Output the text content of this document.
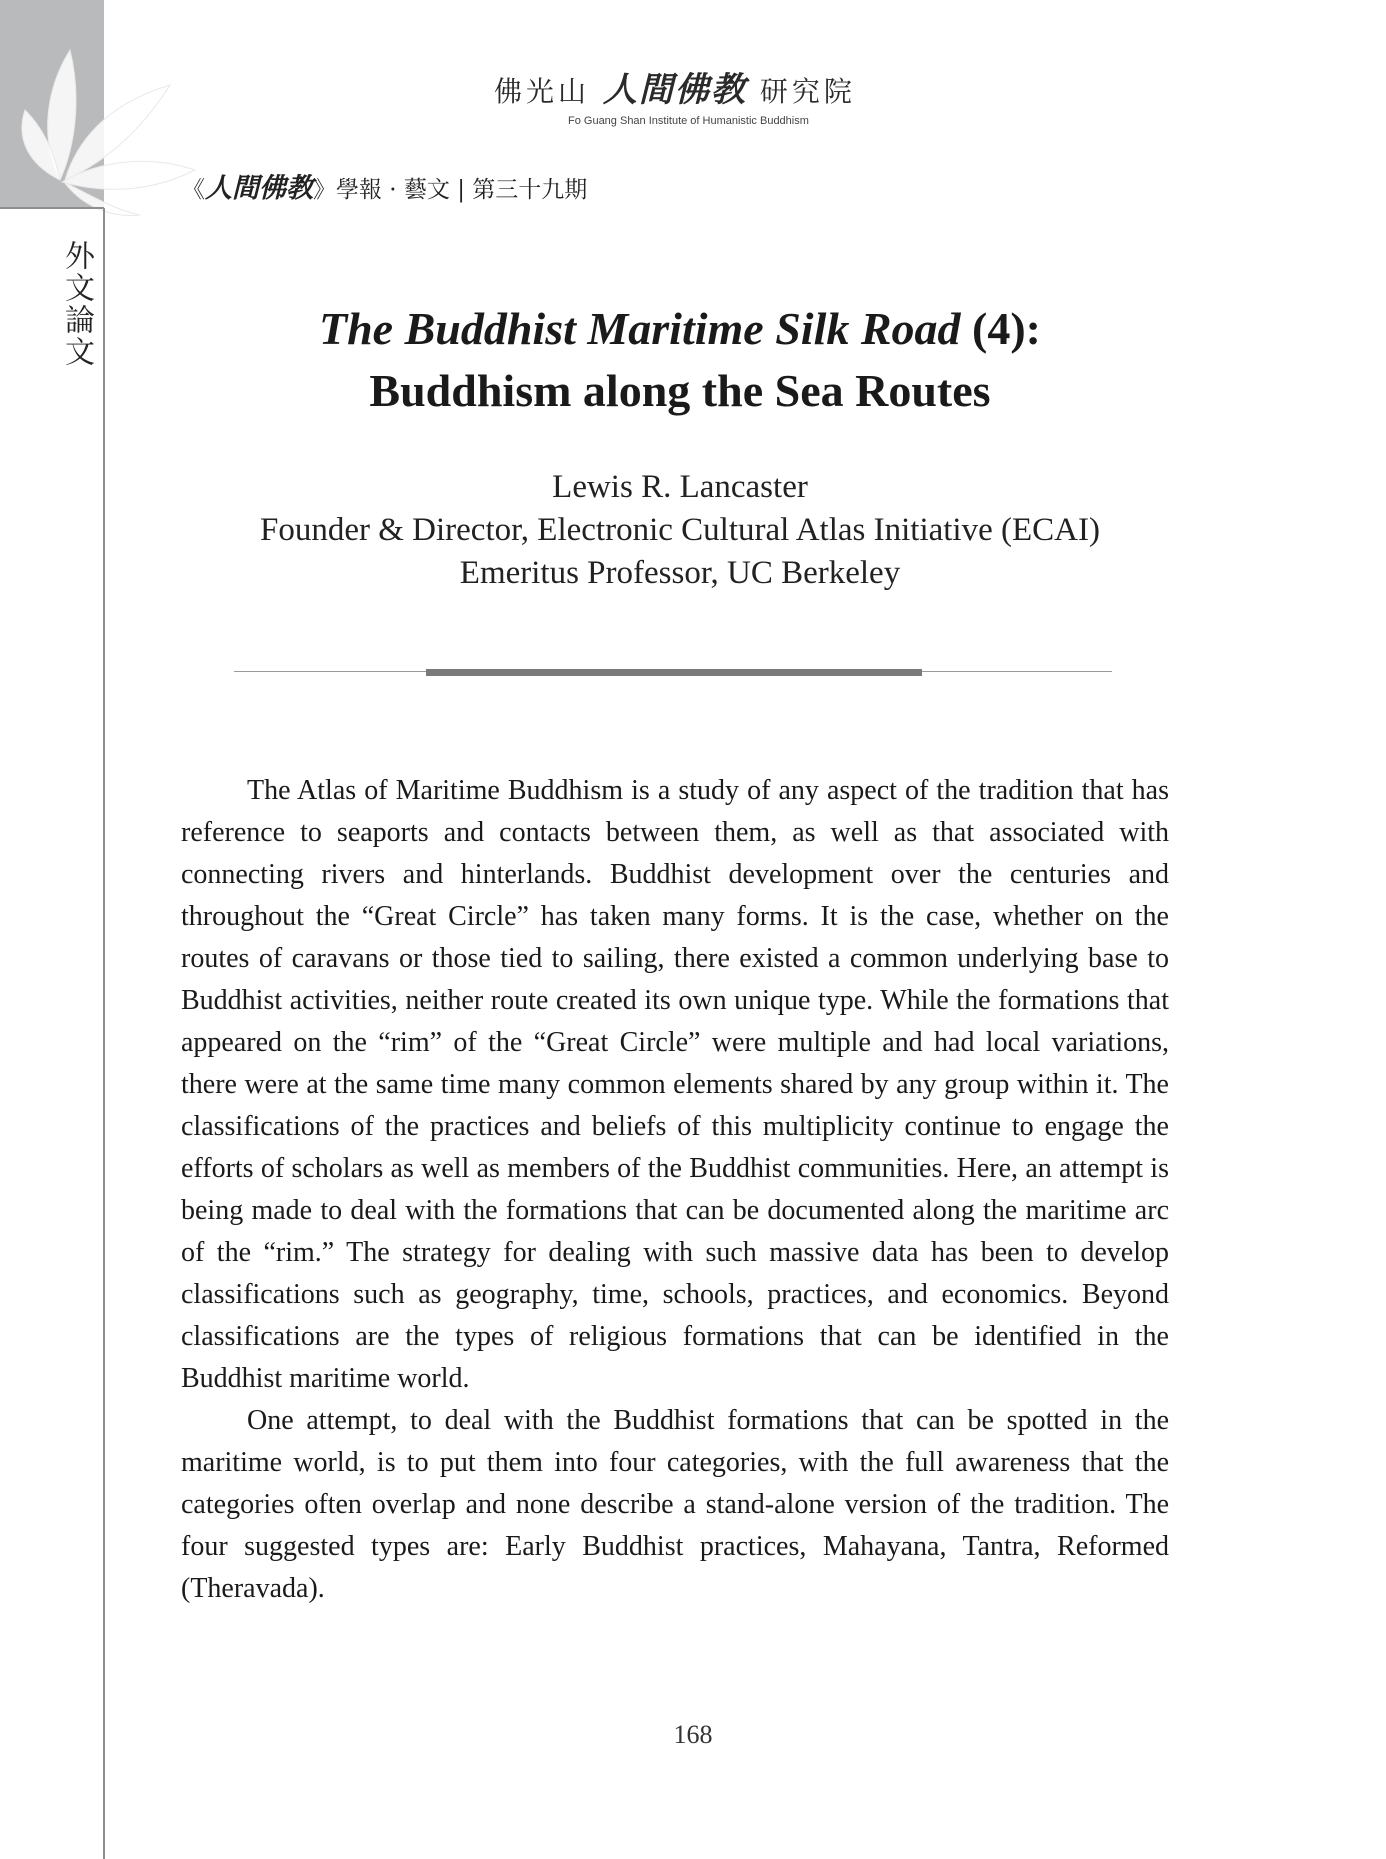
外文論文
佛光山 人間佛教 研究院
Fo Guang Shan Institute of Humanistic Buddhism
《人間佛教》學報 · 藝文 | 第三十九期
The Buddhist Maritime Silk Road (4):
Buddhism along the Sea Routes
Lewis R. Lancaster
Founder & Director, Electronic Cultural Atlas Initiative (ECAI)
Emeritus Professor, UC Berkeley

The Atlas of Maritime Buddhism is a study of any aspect of the tradition that has reference to seaports and contacts between them, as well as that associated with connecting rivers and hinterlands. Buddhist development over the centuries and throughout the “Great Circle” has taken many forms. It is the case, whether on the routes of caravans or those tied to sailing, there existed a common underlying base to Buddhist activities, neither route created its own unique type. While the formations that appeared on the “rim” of the “Great Circle” were multiple and had local variations, there were at the same time many common elements shared by any group within it. The classifications of the practices and beliefs of this multiplicity continue to engage the efforts of scholars as well as members of the Buddhist communities. Here, an attempt is being made to deal with the formations that can be documented along the maritime arc of the “rim.” The strategy for dealing with such massive data has been to develop classifications such as geography, time, schools, practices, and economics. Beyond classifications are the types of religious formations that can be identified in the Buddhist maritime world.

One attempt, to deal with the Buddhist formations that can be spotted in the maritime world, is to put them into four categories, with the full awareness that the categories often overlap and none describe a stand-alone version of the tradition. The four suggested types are: Early Buddhist practices, Mahayana, Tantra, Reformed (Theravada).

168
